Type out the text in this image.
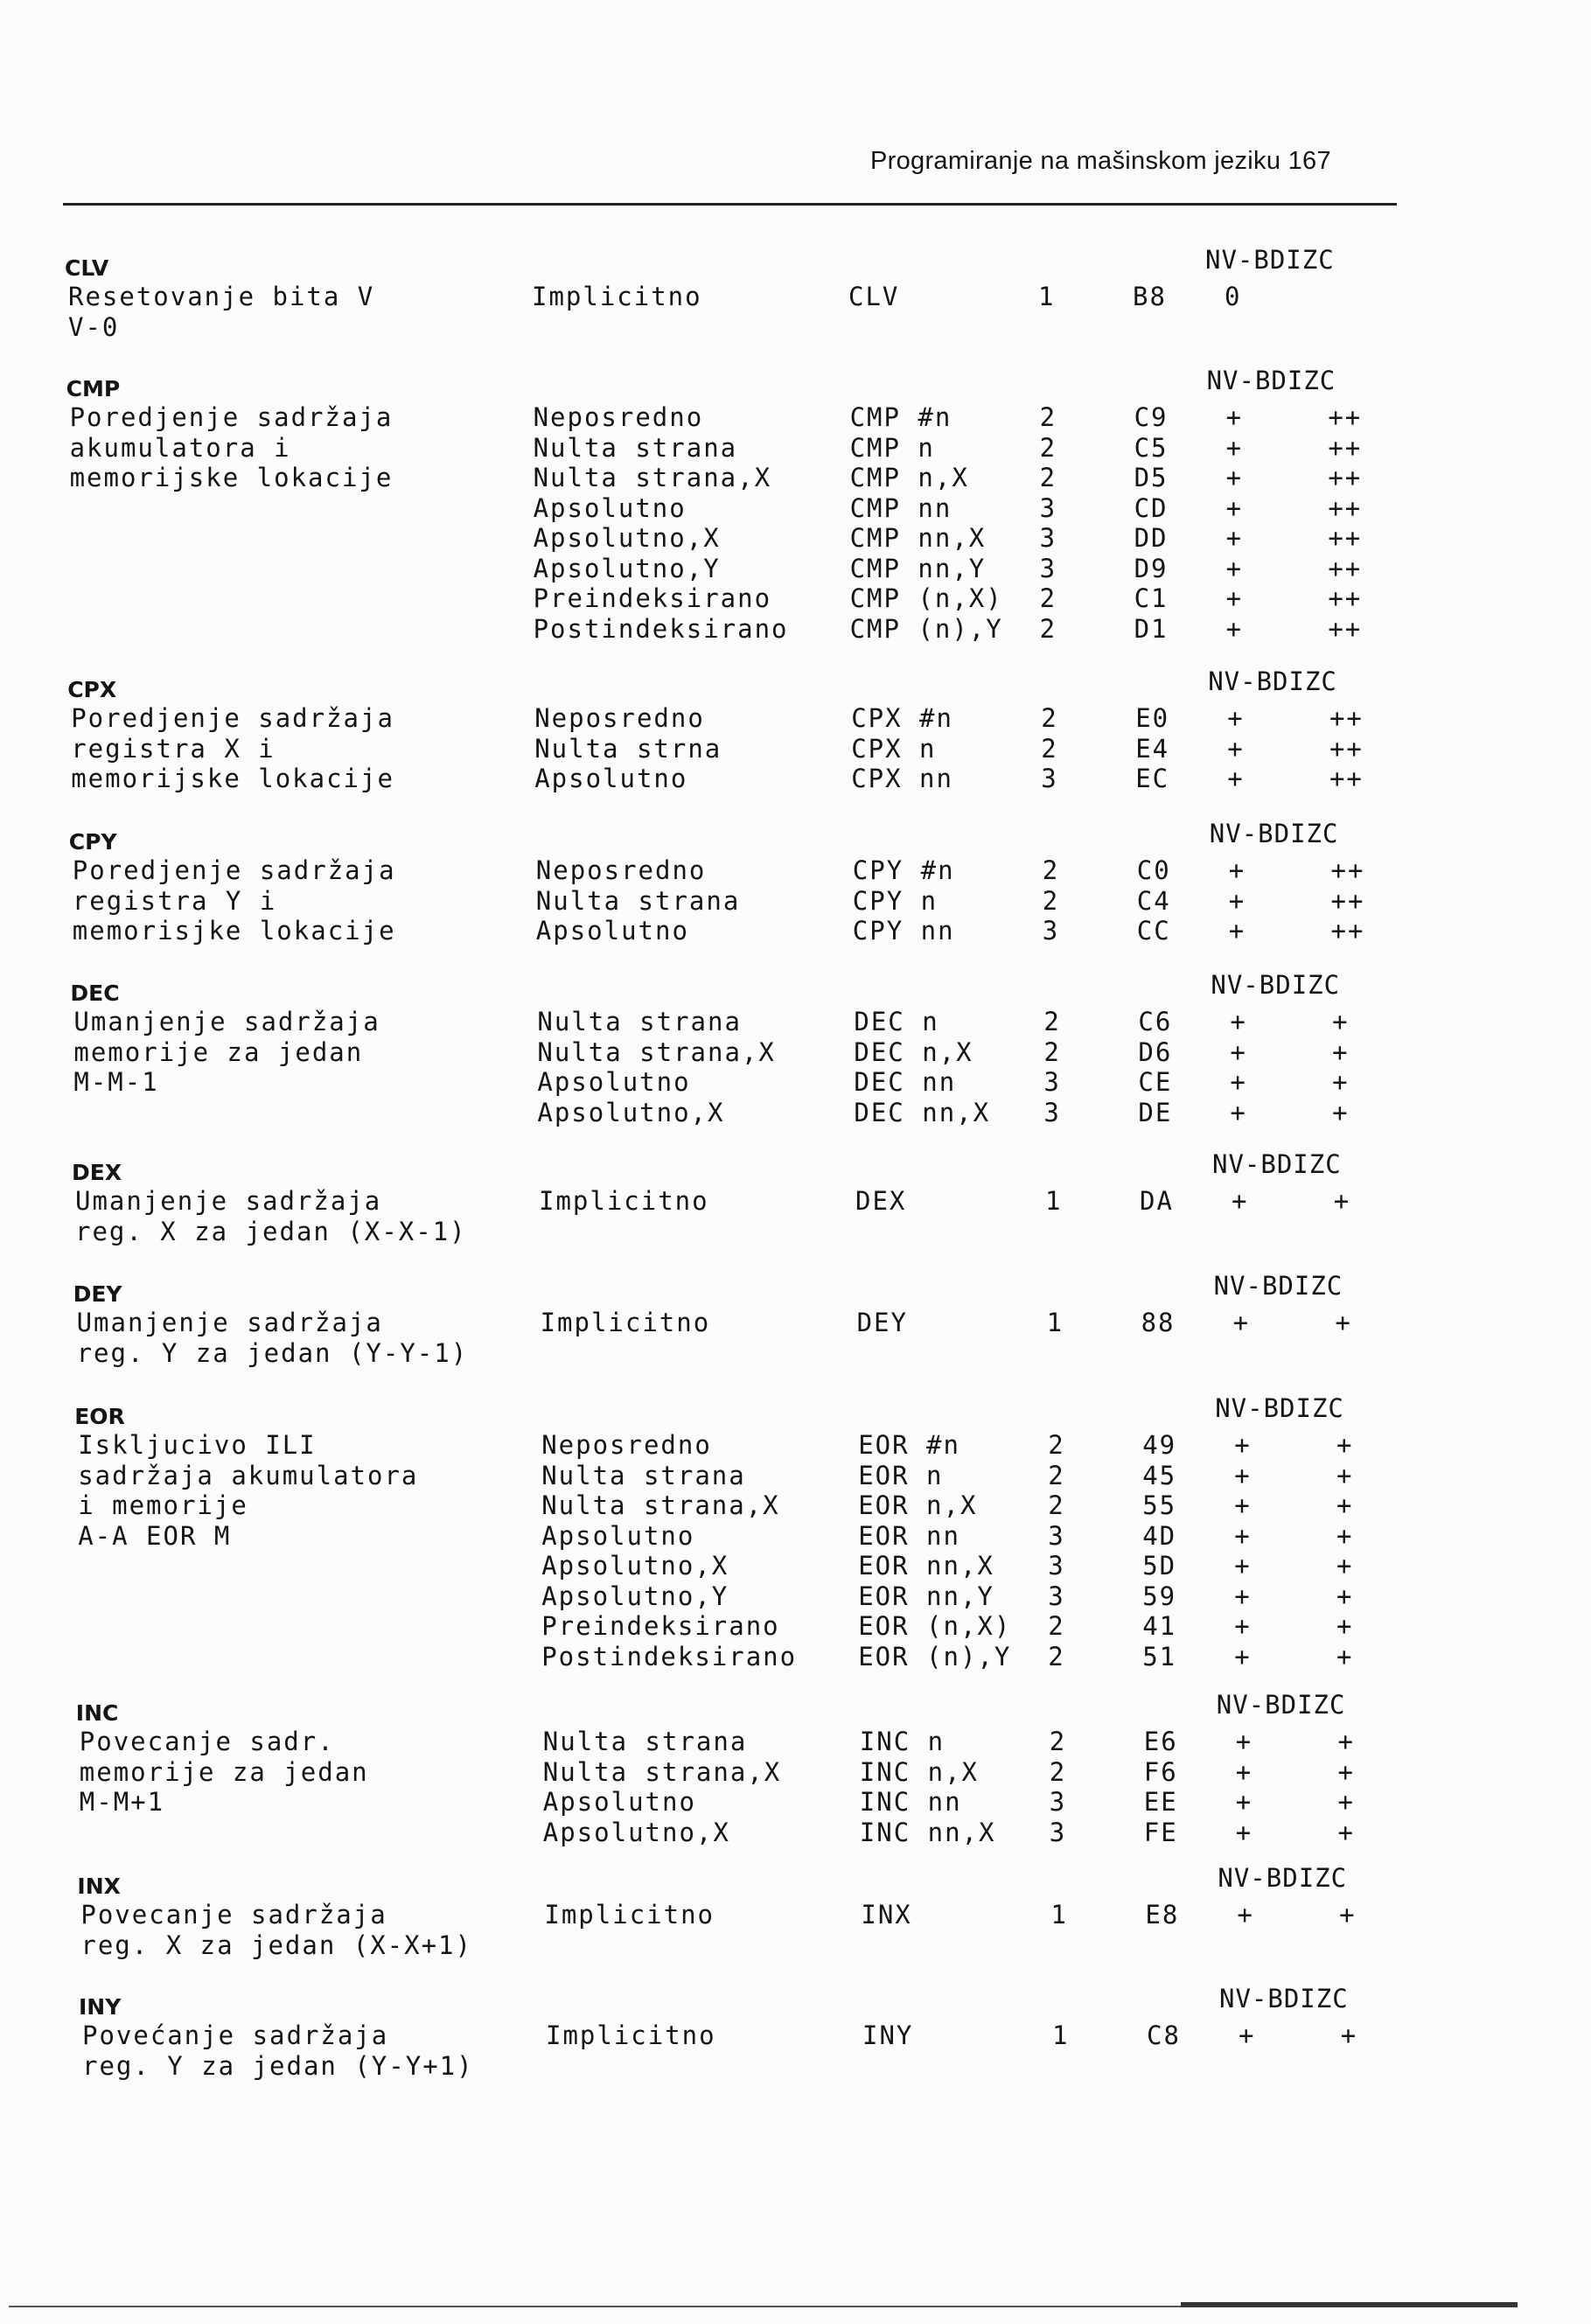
Programiranje na mašinskom jeziku 167
CLV	NV-BDIZC
Resetovanje bita V
V-0
Implicitno	CLV	1	B8 0
CMP	NV-BDIZC
Poredjenje sadržaja
akumulatora i
memorijske lokacije
Neposredno	CMP #n	2	C9 +     ++
Nulta strana	CMP n	2	C5 +     ++
Nulta strana,X	CMP n,X	2	D5 +     ++
Apsolutno	CMP nn	3	CD +     ++
Apsolutno,X	CMP nn,X 3	DD +     ++
Apsolutno,Y	CMP nn,Y 3	D9 +     ++
Preindeksirano	CMP (n,X) 2	C1 +     ++
Postindeksirano CMP (n),Y 2	D1 +     ++
CPX	NV-BDIZC
Poredjenje sadržaja
registra X i
memorijske lokacije
Neposredno	CPX #n	2	E0 +     ++
Nulta strna	CPX n	2	E4 +     ++
Apsolutno	CPX nn	3	EC +     ++
CPY	NV-BDIZC
Poredjenje sadržaja
registra Y i
memorisjke lokacije
Neposredno	CPY #n	2	C0 +     ++
Nulta strana	CPY n	2	C4 +     ++
Apsolutno	CPY nn	3	CC +     ++
DEC	NV-BDIZC
Umanjenje sadržaja
memorije za jedan
M-M-1
Nulta strana	DEC n	2	C6 +     +
Nulta strana,X	DEC n,X	2	D6 +     +
Apsolutno	DEC nn	3	CE +     +
Apsolutno,X	DEC nn,X 3	DE +     +
DEX	NV-BDIZC
Umanjenje sadržaja
reg. X za jedan (X-X-1)
Implicitno	DEX	1	DA +     +
DEY	NV-BDIZC
Umanjenje sadržaja
reg. Y za jedan (Y-Y-1)
Implicitno	DEY	1	88 +     +
EOR	NV-BDIZC
Iskljucivo ILI
sadržaja akumulatora
i memorije
A-A EOR M
Neposredno	EOR #n	2	49 +     +
Nulta strana	EOR n	2	45 +     +
Nulta strana,X	EOR n,X	2	55 +     +
Apsolutno	EOR nn	3	4D +     +
Apsolutno,X	EOR nn,X 3	5D +     +
Apsolutno,Y	EOR nn,Y 3	59 +     +
Preindeksirano	EOR (n,X) 2	41 +     +
Postindeksirano EOR (n),Y 2	51 +     +
INC	NV-BDIZC
Povecanje sadr.
memorije za jedan
M-M+1
Nulta strana	INC n	2	E6 +     +
Nulta strana,X	INC n,X	2	F6 +     +
Apsolutno	INC nn	3	EE +     +
Apsolutno,X	INC nn,X 3	FE +     +
INX	NV-BDIZC
Povecanje sadržaja
reg. X za jedan (X-X+1)
Implicitno	INX	1	E8 +     +
INY	NV-BDIZC
Povećanje sadržaja
reg. Y za jedan (Y-Y+1)
Implicitno	INY	1	C8 +     +
